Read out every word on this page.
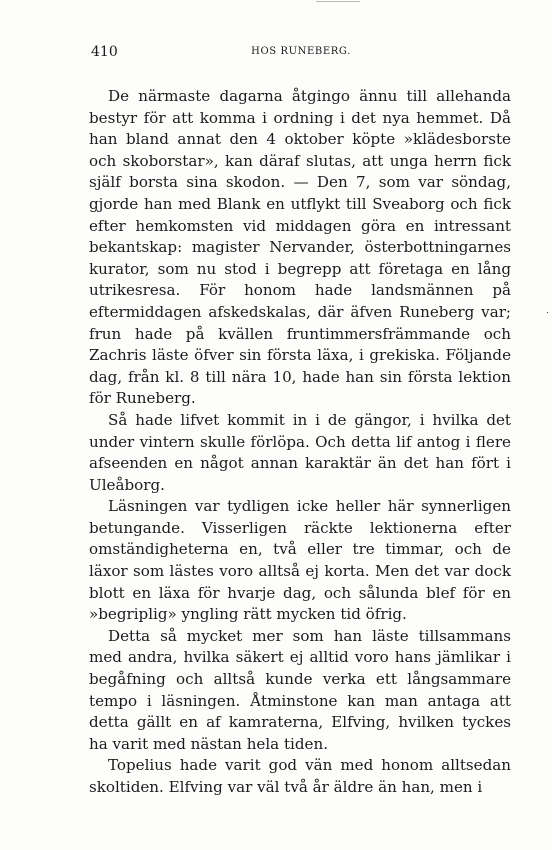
410	HOS RUNEBERG.

De närmaste dagarna åtgingo ännu till allehanda bestyr för att komma i ordning i det nya hemmet. Då han bland annat den 4 oktober köpte »klädesborste och skoborstar», kan däraf slutas, att unga herrn fick själf borsta sina skodon. — Den 7, som var söndag, gjorde han med Blank en utflykt till Sveaborg och fick efter hemkomsten vid middagen göra en intressant bekantskap: magister Nervander, österbottningarnes kurator, som nu stod i begrepp att företaga en lång utrikesresa. För honom hade landsmännen på eftermiddagen afskedskalas, där äfven Runeberg var; frun hade på kvällen fruntimmersfrämmande och Zachris läste öfver sin första läxa, i grekiska. Följande dag, från kl. 8 till nära 10, hade han sin första lektion för Runeberg.

Så hade lifvet kommit in i de gängor, i hvilka det under vintern skulle förlöpa. Och detta lif antog i flere afseenden en något annan karaktär än det han fört i Uleåborg.

Läsningen var tydligen icke heller här synnerligen betungande. Visserligen räckte lektionerna efter omständigheterna en, två eller tre timmar, och de läxor som lästes voro alltså ej korta. Men det var dock blott en läxa för hvarje dag, och sålunda blef för en »begriplig» yngling rätt mycken tid öfrig.

Detta så mycket mer som han läste tillsammans med andra, hvilka säkert ej alltid voro hans jämlikar i begåfning och alltså kunde verka ett långsammare tempo i läsningen. Åtminstone kan man antaga att detta gällt en af kamraterna, Elfving, hvilken tyckes ha varit med nästan hela tiden.

Topelius hade varit god vän med honom alltsedan skoltiden. Elfving var väl två år äldre än han, men i

.
